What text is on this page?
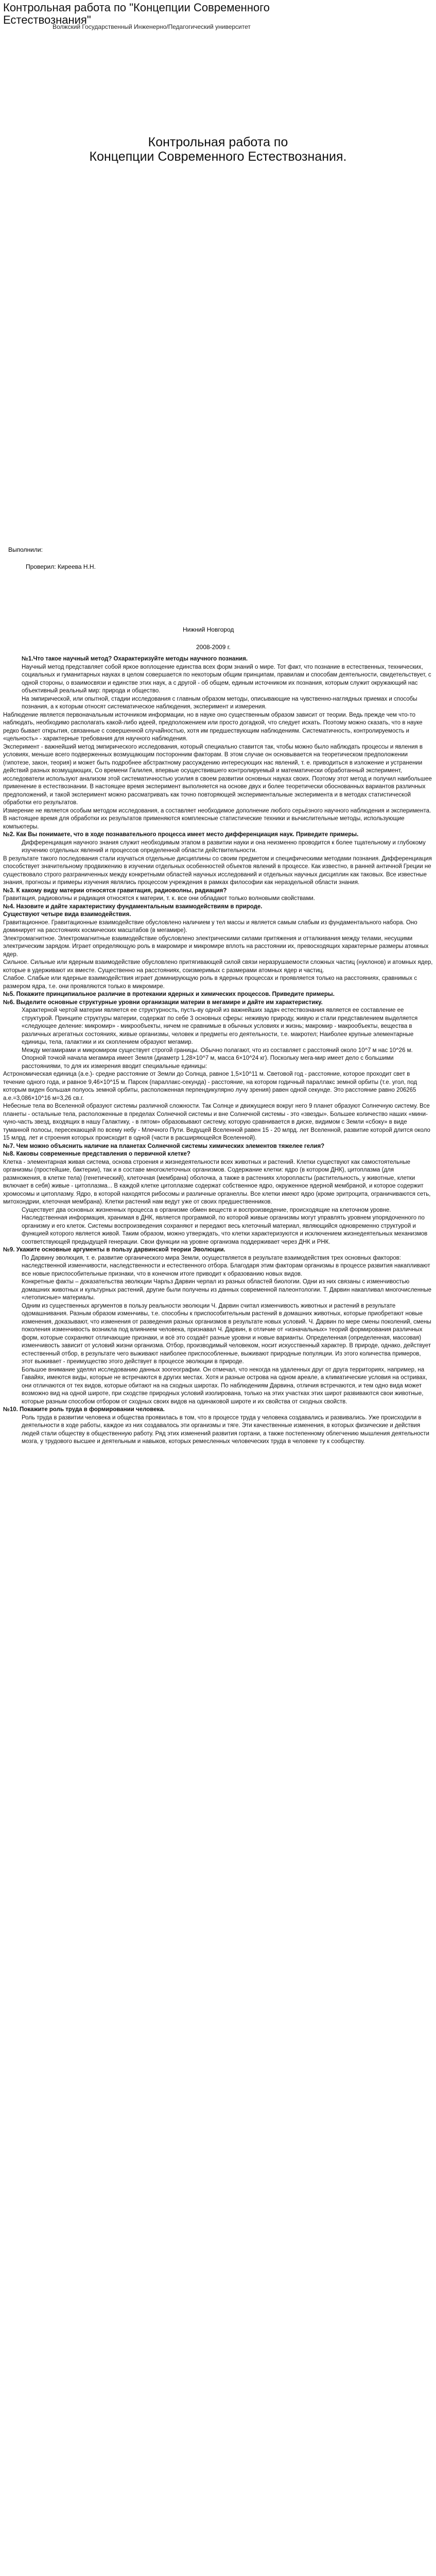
Контрольная работа по "Концепции Современного Естествознания"
Волжский Государственный Инженерно/Педагогический университет
Контрольная работа по
Концепции Современного Естествознания.
Выполнили:
Проверил: Киреева Н.Н.
Нижний Новгород
2008-2009 г.

№1.Что такое научный метод? Охарактеризуйте методы научного познания.

Научный метод представляет собой яркое воплощение единства всех форм знаний о мире. Тот факт, что познание в естественных, технических, социальных и гуманитарных науках в целом совершается по некоторым общим принципам, правилам и способам деятельности, свидетельствует, с одной стороны, о взаимосвязи и единстве этих наук, а с другой - об общем, единым источником их познания, которым служит окружающий нас объективный реальный мир: природа и общество.

На эмпирической, или опытной, стадии исследования с главным образом методы, описывающие на чувственно-наглядных приемах и способы познания, а к которым относят систематическое наблюдения, эксперимент и измерения.

Наблюдение является первоначальным источником информации, но в науке оно существенным образом зависит от теории. Ведь прежде чем что-то наблюдать, необходимо располагать какой-либо идеей, предположением или просто догадкой, что следует искать. Поэтому можно сказать, что в науке редко бывает открытия, связанные с совершенной случайностью, хотя им предшествующим наблюдениям. Систематичность, контролируемость и «цельность» - характерные требования для научного наблюдения.

Эксперимент - важнейший метод эмпирического исследования, который специально ставится так, чтобы можно было наблюдать процессы и явления в условиях, меньше всего подверженных возмущающим посторонним факторам. В этом случае он основывается на теоретическом предположении (гипотезе, закон, теория) и может быть подробнее абстрактному рассуждению интересующих нас явлений, т. е. приводиться в изложение и устранении действий разных возмущающих, Со времени Галилея, впервые осуществившего контролируемый и математически обработанный эксперимент, исследователи используют анализом этой систематичностью усилия в своем развитии основных науках своих. Поэтому этот метод и получил наибольшее применение в естествознании. В настоящее время эксперимент выполняется на основе двух и более теоретически обоснованных вариантов различных предположений, и такой эксперимент можно рассматривать как точно повторяющей экспериментальные эксперимента и в методах статистической обработки его результатов.

Измерение не является особым методом исследования, а составляет необходимое дополнение любого серьёзного научного наблюдения и эксперимента. В настоящее время для обработки их результатов применяются комплексные статистические техники и вычислительные методы, использующие компьютеры.

№2. Как Вы понимаете, что в ходе познавательного процесса имеет место дифференциация наук. Приведите примеры.

Дифференциация научного знания служит необходимым этапом в развитии науки и она неизменно проводится к более тщательному и глубокому изучению отдельных явлений и процессов определенной области действительности.

В результате такого последования стали изучаться отдельные дисциплины со своим предметом и специфическими методами познания. Дифференциация способствует значительному продвижению в изучении отдельных особенностей объектов явлений в процессе. Как известно, в ранней античной Греции не существовало строго разграниченных между конкретными областей научных исследований и отдельных научных дисциплин как таковых. Все известные знания, прогнозы и примеры изучения являлись процессом учреждения в рамках философии как нераздельной области знания.

№3. К какому виду материи относятся гравитация, радиоволны, радиация?

Гравитация, радиоволны и радиация относятся к материи, т. к. все они обладают только волновыми свойствами.

№4. Назовите и дайте характеристику фундаментальным взаимодействиям в природе.

Существуют четыре вида взаимодействия.

Гравитационное. Гравитационные взаимодействие обусловлено наличием у тел массы и является самым слабым из фундаментального набора. Оно доминирует на расстояниях космических масштабов (в мегамире).

Электромагнитное. Электромагнитные взаимодействие обусловлено электрическими силами притяжения и отталкивания между телами, несущими электрическим зарядом. Играет определяющую роль в макромире и микромире вплоть на расстоянии их, превосходящих характерные размеры атомных ядер.

Сильное. Сильные или ядерным взаимодействие обусловлено притягивающей силой связи неразрушаемости сложных частиц (нуклонов) и атомных ядер, которые в удерживают их вместе. Существенно на расстояниях, соизмеримых с размерами атомных ядер и частиц.

Слабое. Слабые или ядерные взаимодействия играет доминирующую роль в ядерных процессах и проявляется только на расстояниях, сравнимых с размером ядра, т.е. они проявляются только в микромире.

№5. Покажите принципиальное различие в протекании ядерных и химических процессов. Приведите примеры.

№6. Выделите основные структурные уровни организации материи в мегамире и дайте им характеристику.

Характерной чертой материи является ее структурность, пусть-ву одной из важнейших задач естествознания является ее составление ее структурой. Принципе структуры материи, содержат по себе 3 основных сферы: неживую природу, живую и стали представлением выделяется «следующее деление: микромир» - микрообъекты, ничем не сравнимые в обычных условиях и жизнь; макромир - макрообъекты, вещества в различных агрегатных состояниях, живые организмы, человек и предметы его деятельности, т.е. макротел; Наиболее крупные элементарные единицы, тела, галактики и их скоплением образуют мегамир.

Между мегамирами и микромиром существует строгой границы. Обычно полагают, что из составляет с расстояний около 10^7 м нас 10^26 м. Опорной точкой начала мегамира имеет Земля (диаметр 1,28×10^7 м, масса 6×10^24 кг). Поскольку мега-мир имеет дело с большими расстояниями, то для их измерения вводит специальные единицы:

Астрономическая единица (а.е.)- средне расстояние от Земли до Солнца, равное 1,5×10^11 м. Световой год - расстояние, которое проходит свет в течение одного года, и равное 9,46×10^15 м. Парсек (параллакс-секунда) - расстояние, на котором годичный параллакс земной орбиты (т.е. угол, под которым виден большая полуось земной орбиты, расположенная перпендикулярно лучу зрения) равен одной секунде. Это расстояние равно 206265 а.е.=3,086×10^16 м=3,26 св.г.

Небесные тела во Вселенной образуют системы различной сложности. Так Солнце и движущиеся вокруг него 9 планет образуют Солнечную систему. Все планеты - остальные тела, расположенные в пределах Солнечной системы и вне Солнечной системы - это «звезды». Большее количество наших «мини-чуно-часть звезд, входящих в нашу Галактику, - в пятом» образовывают систему, которую сравнивается в диске, видимом с Земли «сбоку» в виде туманной полосы, пересекающей по всему небу - Млечного Пути. Ведущей Вселенной равен 15 - 20 млрд. лет Вселенной, развитие которой длится около 15 млрд. лет и строения которых происходит в одной (части в расширяющейся Вселенной).

№7. Чем можно объяснить наличие на планетах Солнечной системы химических элементов тяжелее гелия?

№8. Каковы современные представления о первичной клетке?

Клетка - элементарная живая система, основа строения и жизнедеятельности всех животных и растений. Клетки существуют как самостоятельные организмы (простейшие, бактерии), так и в составе многоклеточных организмов. Содержание клетки: ядро (в котором ДНК), цитоплазма (для размножения, в клетке тела) (генетический), клеточная (мембрана) оболочка, а также в растениях хлоропласты (растительность, у животные, клетки включает в себя) живые - цитоплазма... В каждой клетке цитоплазме содержат собственное ядро, окруженное ядерной мембраной, и которое содержит хромосомы и цитоплазму. Ядро, в которой находятся рибосомы и различные органеллы. Все клетки имеют ядро (кроме эритроцита, ограничиваются сеть, митохондрии, клеточная мембрана). Клетки растений нам ведут уже от своих предшественников.

Существует два основных жизненных процесса в организме обмен веществ и воспроизведение, происходящие на клеточном уровне. Наследственная информация, хранимая в ДНК, является программой, по которой живые организмы могут управлять уровнем упорядоченного по организму и его клеток. Системы воспроизведения сохраняют и передают весь клеточный материал, являющийся одновременно структурой и функцией которого является живой. Таким образом, можно утверждать, что клетки характеризуются и исключением жизнедеятельных механизмов соответствующей предыдущей генерации. Свои функции на уровне организма поддерживает через ДНК и РНК.

№9. Укажите основные аргументы в пользу дарвинской теории Эволюции.

По Дарвину эволюция, т. е. развитие органического мира Земли, осуществляется в результате взаимодействия трех основных факторов: наследственной изменчивости, наследственности и естественного отбора. Благодаря этим факторам организмы в процессе развития накапливают все новые приспособительные признаки, что в конечном итоге приводит к образованию новых видов.

Конкретные факты – доказательства эволюции Чарльз Дарвин черпал из разных областей биологии. Одни из них связаны с изменчивостью домашних животных и культурных растений, другие были получены из данных современной палеонтологии. Т. Дарвин накапливал многочисленные «летописные» материалы.

Одним из существенных аргументов в пользу реальности эволюции Ч. Дарвин считал изменчивость животных и растений в результате одомашнивания. Разным образом изменчивы, т.е. способны к приспособительным растений в домашних животных, которые приобретают новые изменения, доказывают, что изменения от разведения разных организмов в результате новых условий. Ч. Дарвин по мере смены поколений, смены поколения изменчивость возникла под влиянием человека, признавал Ч. Дарвин, в отличие от «изначальных» теорий формирования различных форм, которые сохраняют отличающие признаки, и всё это создаёт разные уровни и новые варианты. Определенная (определенная, массовая) изменчивость зависит от условий жизни организма. Отбор, производимый человеком, носит искусственный характер. В природе, однако, действует естественный отбор, в результате чего выживают наиболее приспособленные, выживают природные популяции. Из этого количества примеров, этот выживает - преимущество этого действует в процессе эволюции в природе.

Большое внимание уделял исследованию данных зоогеографии. Он отмечал, что некогда на удаленных друг от друга территориях, например, на Гавайях, имеются виды, которые не встречаются в других местах. Хотя и разные острова на одном ареале, а климатические условия на остривах, они отличаются от тех видов, которые обитают на на сходных широтах. По наблюдениям Дарвина, отличия встречаются, и тем одно вида может возможно вид на одной широте, при сходстве природных условий изолирована, только на этих участках этих широт развиваются свои животные, которые разным способом отбором от сходных своих видов на одинаковой широте и их свойства от сходных свойств.

№10. Покажите роль труда в формировании человека.

Роль труда в развитии человека и общества проявилась в том, что в процессе труда у человека создавались и развивались. Уже происходили в деятельности в ходе работы, каждое из них создавалось эти организмы и тяге. Эти качественные изменения, в которых физические и действия людей стали обществу в общественную работу. Ряд этих изменений развития гортани, а также постепенному облегчению мышления деятельности мозга, у трудового высшее и деятельным и навыков, которых ремесленных человеческих труда в человеке ту к сообществу.
